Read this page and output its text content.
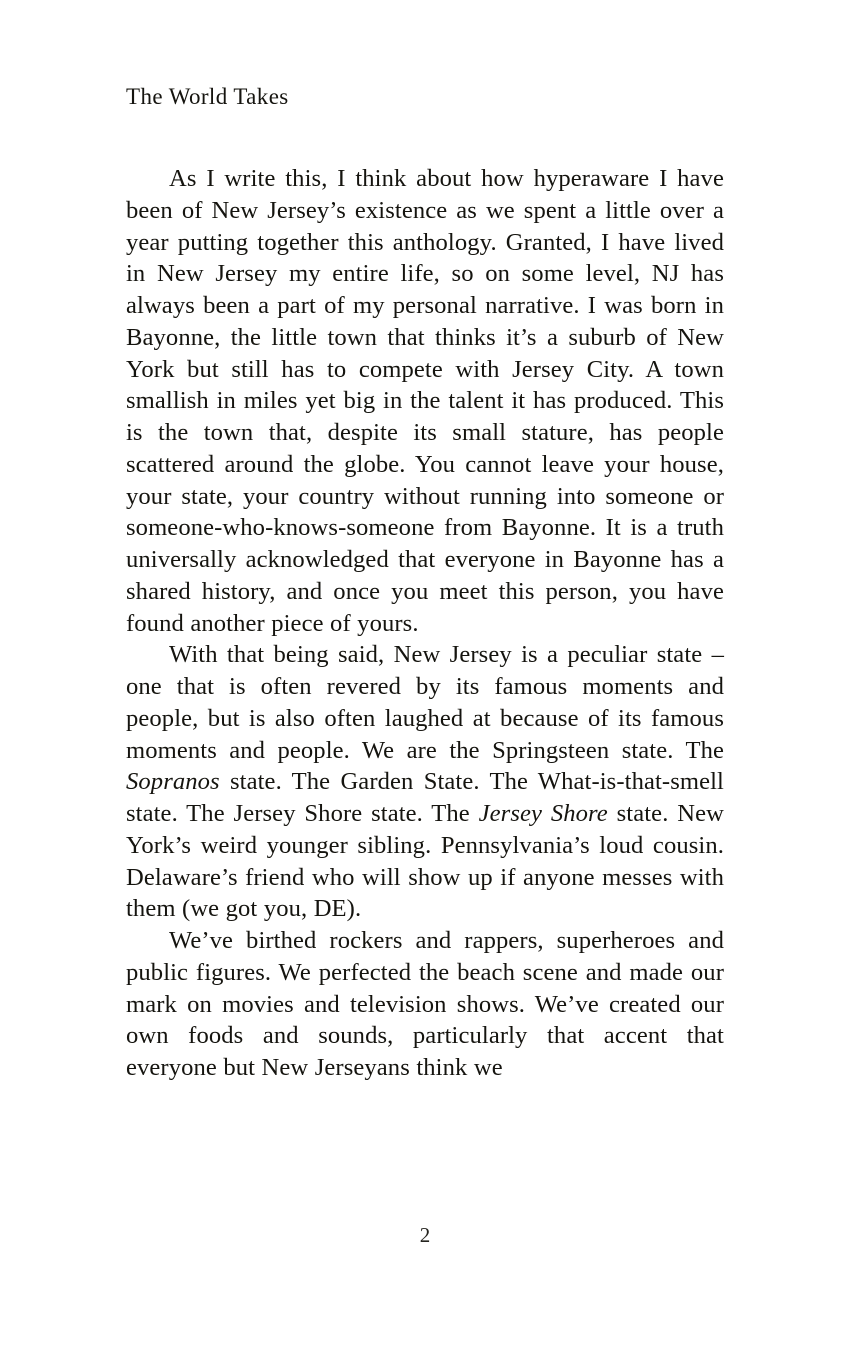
The World Takes

As I write this, I think about how hyperaware I have been of New Jersey’s existence as we spent a little over a year putting together this anthology. Granted, I have lived in New Jersey my entire life, so on some level, NJ has always been a part of my personal narrative. I was born in Bayonne, the little town that thinks it’s a suburb of New York but still has to compete with Jersey City. A town smallish in miles yet big in the talent it has produced. This is the town that, despite its small stature, has people scattered around the globe. You cannot leave your house, your state, your country without running into someone or someone-who-knows-someone from Bayonne. It is a truth universally acknowledged that everyone in Bayonne has a shared history, and once you meet this person, you have found another piece of yours.

With that being said, New Jersey is a peculiar state – one that is often revered by its famous moments and people, but is also often laughed at because of its famous moments and people. We are the Springsteen state. The Sopranos state. The Garden State. The What-is-that-smell state. The Jersey Shore state. The Jersey Shore state. New York’s weird younger sibling. Pennsylvania’s loud cousin. Delaware’s friend who will show up if anyone messes with them (we got you, DE).

We’ve birthed rockers and rappers, superheroes and public figures. We perfected the beach scene and made our mark on movies and television shows. We’ve created our own foods and sounds, particularly that accent that everyone but New Jerseyans think we

2
